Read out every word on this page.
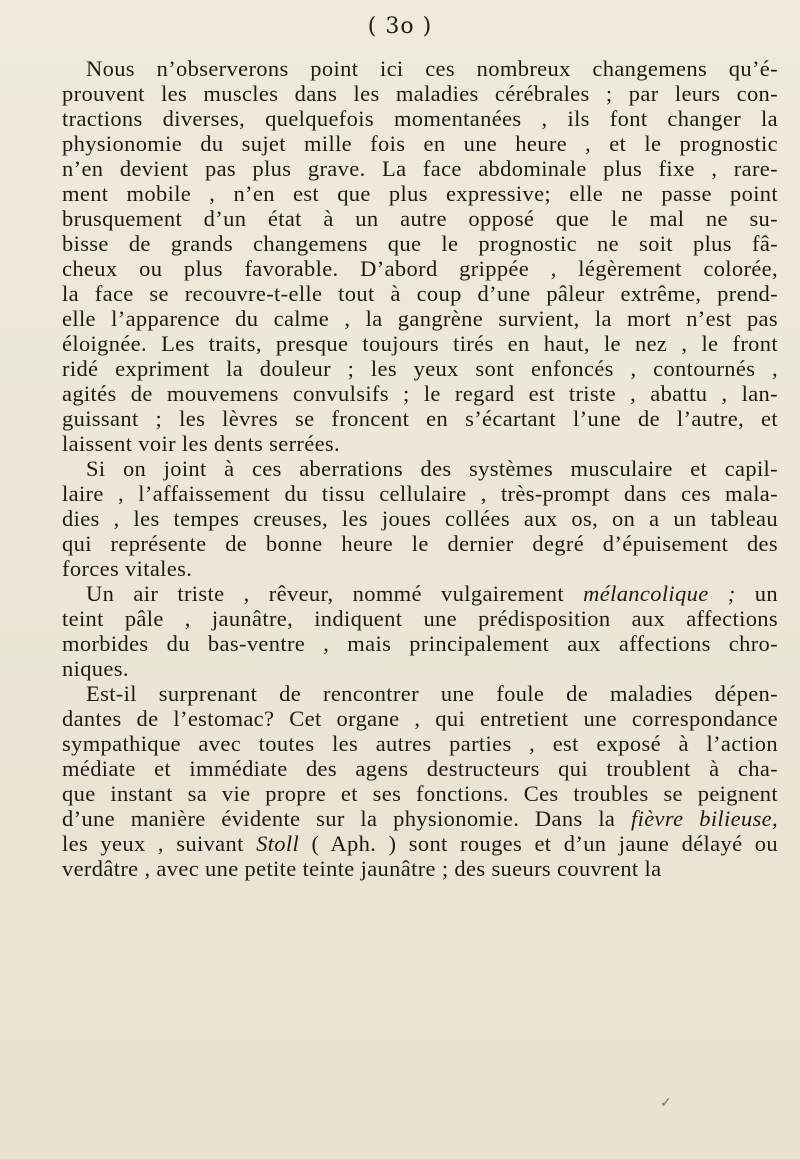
( 3o )
Nous n’observerons point ici ces nombreux changemens qu’é-
prouvent les muscles dans les maladies cérébrales ; par leurs con-
tractions diverses, quelquefois momentanées , ils font changer la
physionomie du sujet mille fois en une heure , et le prognostic
n’en devient pas plus grave. La face abdominale plus fixe , rare-
ment mobile , n’en est que plus expressive; elle ne passe point
brusquement d’un état à un autre opposé que le mal ne su-
bisse de grands changemens que le prognostic ne soit plus fâ-
cheux ou plus favorable. D’abord grippée , légèrement colorée,
la face se recouvre-t-elle tout à coup d’une pâleur extrême, prend-
elle l’apparence du calme , la gangrène survient, la mort n’est pas
éloignée. Les traits, presque toujours tirés en haut, le nez , le front
ridé expriment la douleur ; les yeux sont enfoncés , contournés ,
agités de mouvemens convulsifs ; le regard est triste , abattu , lan-
guissant ; les lèvres se froncent en s’écartant l’une de l’autre, et
laissent voir les dents serrées.
Si on joint à ces aberrations des systèmes musculaire et capil-
laire , l’affaissement du tissu cellulaire , très-prompt dans ces mala-
dies , les tempes creuses, les joues collées aux os, on a un tableau
qui représente de bonne heure le dernier degré d’épuisement des
forces vitales.
Un air triste , rêveur, nommé vulgairement mélancolique ; un
teint pâle , jaunâtre, indiquent une prédisposition aux affections
morbides du bas-ventre , mais principalement aux affections chro-
niques.
Est-il surprenant de rencontrer une foule de maladies dépen-
dantes de l’estomac? Cet organe , qui entretient une correspondance
sympathique avec toutes les autres parties , est exposé à l’action
médiate et immédiate des agens destructeurs qui troublent à cha-
que instant sa vie propre et ses fonctions. Ces troubles se peignent
d’une manière évidente sur la physionomie. Dans la fièvre bilieuse,
les yeux , suivant Stoll ( Aph. ) sont rouges et d’un jaune délayé ou
verdâtre , avec une petite teinte jaunâtre ; des sueurs couvrent la
✓
